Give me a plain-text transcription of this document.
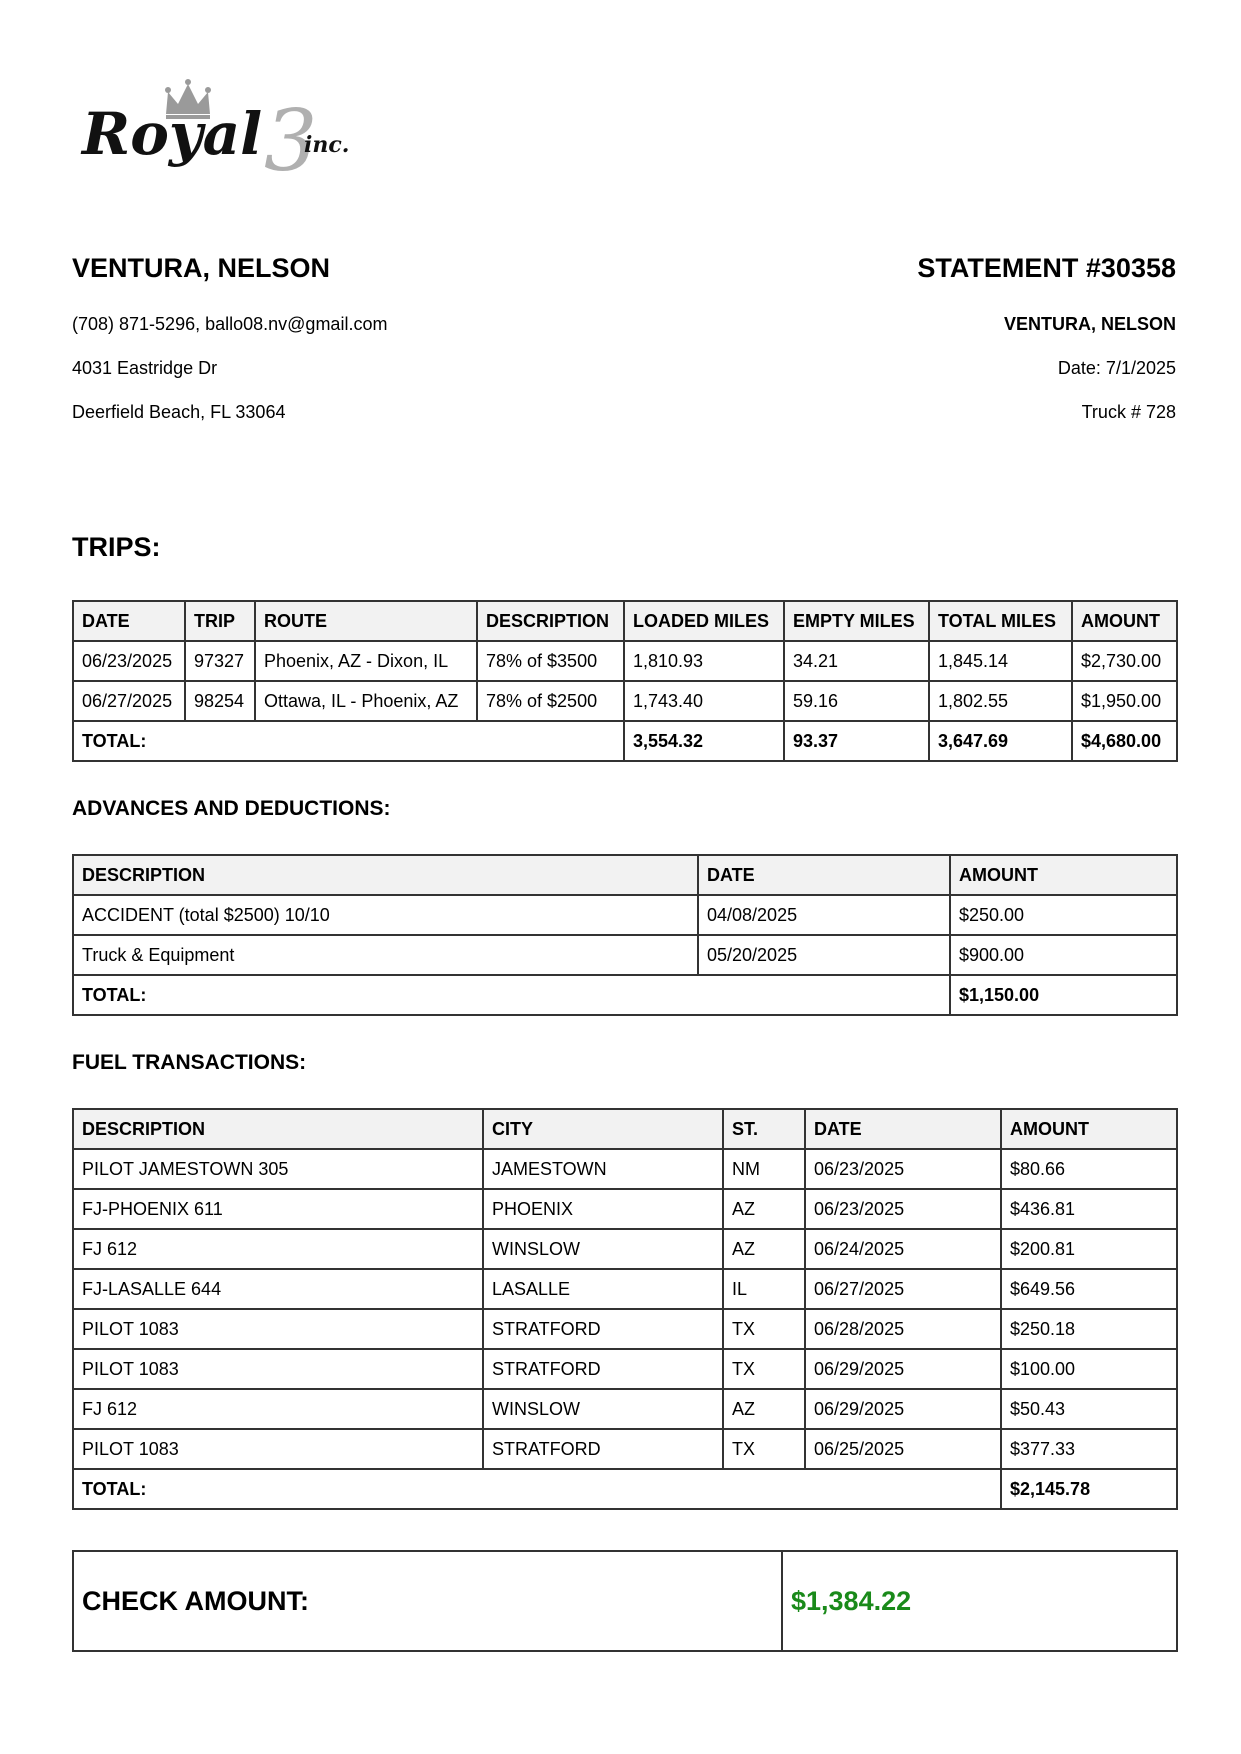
3
Royal inc.

VENTURA, NELSON

(708) 871-5296, ballo08.nv@gmail.com

4031 Eastridge Dr

Deerfield Beach, FL 33064

STATEMENT #30358

VENTURA, NELSON

Date: 7/1/2025

Truck # 728

TRIPS:

DATE	TRIP	ROUTE	DESCRIPTION	LOADED MILES	EMPTY MILES	TOTAL MILES	AMOUNT
06/23/2025	97327	Phoenix, AZ - Dixon, IL	78% of $3500	1,810.93	34.21	1,845.14	$2,730.00
06/27/2025	98254	Ottawa, IL - Phoenix, AZ	78% of $2500	1,743.40	59.16	1,802.55	$1,950.00
TOTAL:				3,554.32	93.37	3,647.69	$4,680.00

ADVANCES AND DEDUCTIONS:

DESCRIPTION	DATE	AMOUNT
ACCIDENT (total $2500) 10/10	04/08/2025	$250.00
Truck & Equipment	05/20/2025	$900.00
TOTAL:		$1,150.00

FUEL TRANSACTIONS:

DESCRIPTION	CITY	ST.	DATE	AMOUNT
PILOT JAMESTOWN 305	JAMESTOWN	NM	06/23/2025	$80.66
FJ-PHOENIX 611	PHOENIX	AZ	06/23/2025	$436.81
FJ 612	WINSLOW	AZ	06/24/2025	$200.81
FJ-LASALLE 644	LASALLE	IL	06/27/2025	$649.56
PILOT 1083	STRATFORD	TX	06/28/2025	$250.18
PILOT 1083	STRATFORD	TX	06/29/2025	$100.00
FJ 612	WINSLOW	AZ	06/29/2025	$50.43
PILOT 1083	STRATFORD	TX	06/25/2025	$377.33
TOTAL:				$2,145.78
CHECK AMOUNT:	$1,384.22
